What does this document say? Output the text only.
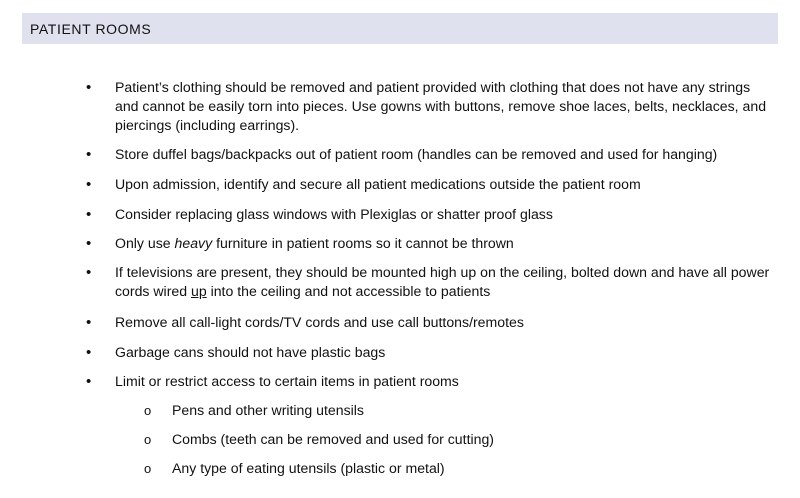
PATIENT ROOMS
• Patient’s clothing should be removed and patient provided with clothing that does not have any strings and cannot be easily torn into pieces. Use gowns with buttons, remove shoe laces, belts, necklaces, and piercings (including earrings).
• Store duffel bags/backpacks out of patient room (handles can be removed and used for hanging)
• Upon admission, identify and secure all patient medications outside the patient room
• Consider replacing glass windows with Plexiglas or shatter proof glass
• Only use heavy furniture in patient rooms so it cannot be thrown
• If televisions are present, they should be mounted high up on the ceiling, bolted down and have all power cords wired up into the ceiling and not accessible to patients
• Remove all call-light cords/TV cords and use call buttons/remotes
• Garbage cans should not have plastic bags
• Limit or restrict access to certain items in patient rooms
o Pens and other writing utensils
o Combs (teeth can be removed and used for cutting)
o Any type of eating utensils (plastic or metal)
